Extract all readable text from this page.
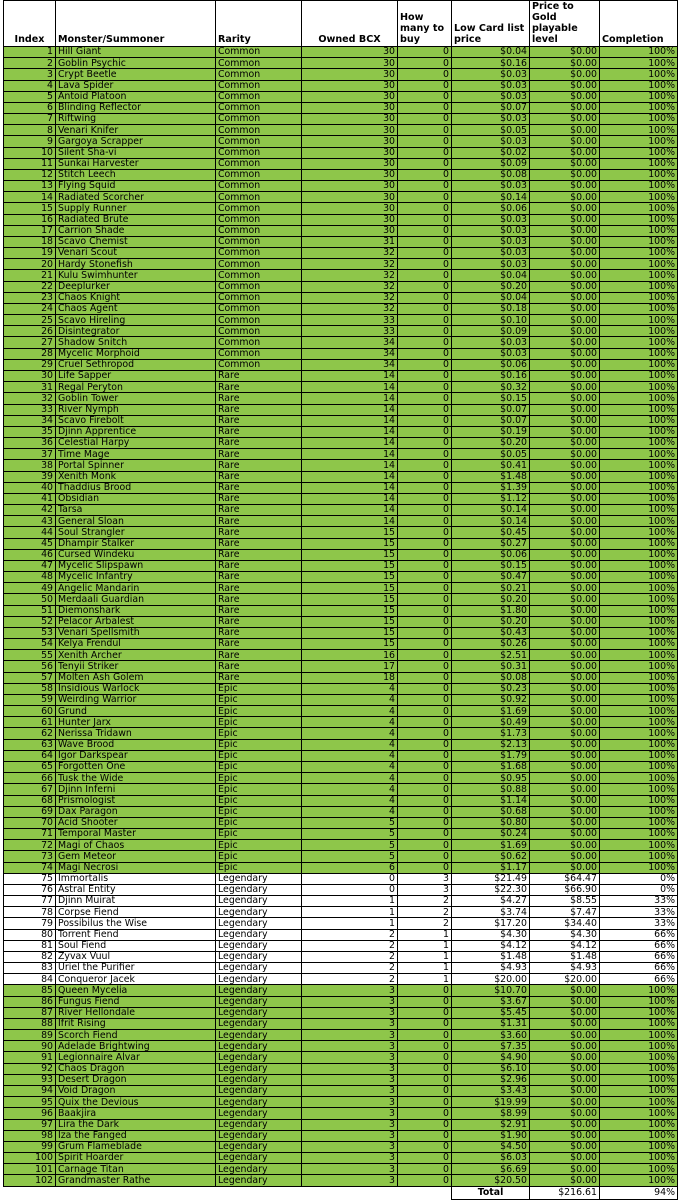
Index	Monster/Summoner	Rarity	Owned BCX	How many to buy	Low Card list price	Price to Gold playable level	Completion
1	Hill Giant	Common	30	0	$0.04	$0.00	100%
2	Goblin Psychic	Common	30	0	$0.16	$0.00	100%
3	Crypt Beetle	Common	30	0	$0.03	$0.00	100%
4	Lava Spider	Common	30	0	$0.03	$0.00	100%
5	Antoid Platoon	Common	30	0	$0.03	$0.00	100%
6	Blinding Reflector	Common	30	0	$0.07	$0.00	100%
7	Riftwing	Common	30	0	$0.03	$0.00	100%
8	Venari Knifer	Common	30	0	$0.05	$0.00	100%
9	Gargoya Scrapper	Common	30	0	$0.03	$0.00	100%
10	Silent Sha-vi	Common	30	0	$0.02	$0.00	100%
11	Sunkai Harvester	Common	30	0	$0.09	$0.00	100%
12	Stitch Leech	Common	30	0	$0.08	$0.00	100%
13	Flying Squid	Common	30	0	$0.03	$0.00	100%
14	Radiated Scorcher	Common	30	0	$0.14	$0.00	100%
15	Supply Runner	Common	30	0	$0.06	$0.00	100%
16	Radiated Brute	Common	30	0	$0.03	$0.00	100%
17	Carrion Shade	Common	30	0	$0.03	$0.00	100%
18	Scavo Chemist	Common	31	0	$0.03	$0.00	100%
19	Venari Scout	Common	32	0	$0.03	$0.00	100%
20	Hardy Stonefish	Common	32	0	$0.03	$0.00	100%
21	Kulu Swimhunter	Common	32	0	$0.04	$0.00	100%
22	Deeplurker	Common	32	0	$0.20	$0.00	100%
23	Chaos Knight	Common	32	0	$0.04	$0.00	100%
24	Chaos Agent	Common	32	0	$0.18	$0.00	100%
25	Scavo Hireling	Common	33	0	$0.10	$0.00	100%
26	Disintegrator	Common	33	0	$0.09	$0.00	100%
27	Shadow Snitch	Common	34	0	$0.03	$0.00	100%
28	Mycelic Morphoid	Common	34	0	$0.03	$0.00	100%
29	Cruel Sethropod	Common	34	0	$0.06	$0.00	100%
30	Life Sapper	Rare	14	0	$0.16	$0.00	100%
31	Regal Peryton	Rare	14	0	$0.32	$0.00	100%
32	Goblin Tower	Rare	14	0	$0.15	$0.00	100%
33	River Nymph	Rare	14	0	$0.07	$0.00	100%
34	Scavo Firebolt	Rare	14	0	$0.07	$0.00	100%
35	Djinn Apprentice	Rare	14	0	$0.19	$0.00	100%
36	Celestial Harpy	Rare	14	0	$0.20	$0.00	100%
37	Time Mage	Rare	14	0	$0.05	$0.00	100%
38	Portal Spinner	Rare	14	0	$0.41	$0.00	100%
39	Xenith Monk	Rare	14	0	$1.48	$0.00	100%
40	Thaddius Brood	Rare	14	0	$1.39	$0.00	100%
41	Obsidian	Rare	14	0	$1.12	$0.00	100%
42	Tarsa	Rare	14	0	$0.14	$0.00	100%
43	General Sloan	Rare	14	0	$0.14	$0.00	100%
44	Soul Strangler	Rare	15	0	$0.45	$0.00	100%
45	Dhampir Stalker	Rare	15	0	$0.27	$0.00	100%
46	Cursed Windeku	Rare	15	0	$0.06	$0.00	100%
47	Mycelic Slipspawn	Rare	15	0	$0.15	$0.00	100%
48	Mycelic Infantry	Rare	15	0	$0.47	$0.00	100%
49	Angelic Mandarin	Rare	15	0	$0.21	$0.00	100%
50	Merdaali Guardian	Rare	15	0	$0.20	$0.00	100%
51	Diemonshark	Rare	15	0	$1.80	$0.00	100%
52	Pelacor Arbalest	Rare	15	0	$0.20	$0.00	100%
53	Venari Spellsmith	Rare	15	0	$0.43	$0.00	100%
54	Kelya Frendul	Rare	15	0	$0.26	$0.00	100%
55	Xenith Archer	Rare	16	0	$2.51	$0.00	100%
56	Tenyii Striker	Rare	17	0	$0.31	$0.00	100%
57	Molten Ash Golem	Rare	18	0	$0.08	$0.00	100%
58	Insidious Warlock	Epic	4	0	$0.23	$0.00	100%
59	Weirding Warrior	Epic	4	0	$0.92	$0.00	100%
60	Grund	Epic	4	0	$1.69	$0.00	100%
61	Hunter Jarx	Epic	4	0	$0.49	$0.00	100%
62	Nerissa Tridawn	Epic	4	0	$1.73	$0.00	100%
63	Wave Brood	Epic	4	0	$2.13	$0.00	100%
64	Igor Darkspear	Epic	4	0	$1.79	$0.00	100%
65	Forgotten One	Epic	4	0	$1.68	$0.00	100%
66	Tusk the Wide	Epic	4	0	$0.95	$0.00	100%
67	Djinn Inferni	Epic	4	0	$0.88	$0.00	100%
68	Prismologist	Epic	4	0	$1.14	$0.00	100%
69	Dax Paragon	Epic	4	0	$0.68	$0.00	100%
70	Acid Shooter	Epic	5	0	$0.80	$0.00	100%
71	Temporal Master	Epic	5	0	$0.24	$0.00	100%
72	Magi of Chaos	Epic	5	0	$1.69	$0.00	100%
73	Gem Meteor	Epic	5	0	$0.62	$0.00	100%
74	Magi Necrosi	Epic	6	0	$1.17	$0.00	100%
75	Immortalis	Legendary	0	3	$21.49	$64.47	0%
76	Astral Entity	Legendary	0	3	$22.30	$66.90	0%
77	Djinn Muirat	Legendary	1	2	$4.27	$8.55	33%
78	Corpse Fiend	Legendary	1	2	$3.74	$7.47	33%
79	Possibilus the Wise	Legendary	1	2	$17.20	$34.40	33%
80	Torrent Fiend	Legendary	2	1	$4.30	$4.30	66%
81	Soul Fiend	Legendary	2	1	$4.12	$4.12	66%
82	Zyvax Vuul	Legendary	2	1	$1.48	$1.48	66%
83	Uriel the Purifier	Legendary	2	1	$4.93	$4.93	66%
84	Conqueror Jacek	Legendary	2	1	$20.00	$20.00	66%
85	Queen Mycelia	Legendary	3	0	$10.70	$0.00	100%
86	Fungus Fiend	Legendary	3	0	$3.67	$0.00	100%
87	River Hellondale	Legendary	3	0	$5.45	$0.00	100%
88	Ifrit Rising	Legendary	3	0	$1.31	$0.00	100%
89	Scorch Fiend	Legendary	3	0	$3.60	$0.00	100%
90	Adelade Brightwing	Legendary	3	0	$7.35	$0.00	100%
91	Legionnaire Alvar	Legendary	3	0	$4.90	$0.00	100%
92	Chaos Dragon	Legendary	3	0	$6.10	$0.00	100%
93	Desert Dragon	Legendary	3	0	$2.96	$0.00	100%
94	Void Dragon	Legendary	3	0	$3.43	$0.00	100%
95	Quix the Devious	Legendary	3	0	$19.99	$0.00	100%
96	Baakjira	Legendary	3	0	$8.99	$0.00	100%
97	Lira the Dark	Legendary	3	0	$2.91	$0.00	100%
98	Iza the Fanged	Legendary	3	0	$1.90	$0.00	100%
99	Grum Flameblade	Legendary	3	0	$4.50	$0.00	100%
100	Spirit Hoarder	Legendary	3	0	$6.03	$0.00	100%
101	Carnage Titan	Legendary	3	0	$6.69	$0.00	100%
102	Grandmaster Rathe	Legendary	3	0	$20.50	$0.00	100%
					Total	$216.61	94%
